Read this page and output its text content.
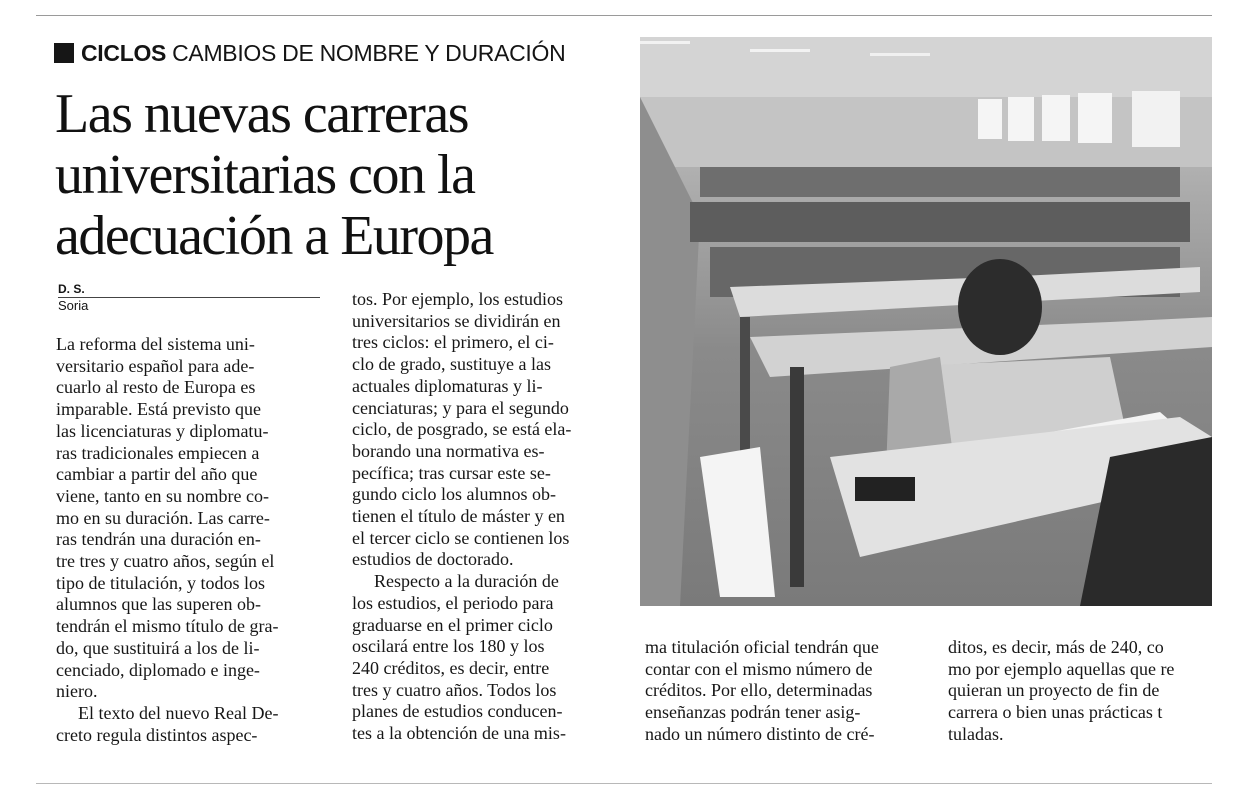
CICLOS CAMBIOS DE NOMBRE Y DURACIÓN
Las nuevas carreras
universitarias con la
adecuación a Europa
D. S.
Soria
La reforma del sistema uni-
versitario español para ade-
cuarlo al resto de Europa es
imparable. Está previsto que
las licenciaturas y diplomatu-
ras tradicionales empiecen a
cambiar a partir del año que
viene, tanto en su nombre co-
mo en su duración. Las carre-
ras tendrán una duración en-
tre tres y cuatro años, según el
tipo de titulación, y todos los
alumnos que las superen ob-
tendrán el mismo título de gra-
do, que sustituirá a los de li-
cenciado, diplomado e inge-
niero.
El texto del nuevo Real De-
creto regula distintos aspec-
tos. Por ejemplo, los estudios
universitarios se dividirán en
tres ciclos: el primero, el ci-
clo de grado, sustituye a las
actuales diplomaturas y li-
cenciaturas; y para el segundo
ciclo, de posgrado, se está ela-
borando una normativa es-
pecífica; tras cursar este se-
gundo ciclo los alumnos ob-
tienen el título de máster y en
el tercer ciclo se contienen los
estudios de doctorado.
Respecto a la duración de
los estudios, el periodo para
graduarse en el primer ciclo
oscilará entre los 180 y los
240 créditos, es decir, entre
tres y cuatro años. Todos los
planes de estudios conducen-
tes a la obtención de una mis-
ma titulación oficial tendrán que
contar con el mismo número de
créditos. Por ello, determinadas
enseñanzas podrán tener asig-
nado un número distinto de cré-
ditos, es decir, más de 240, co
mo por ejemplo aquellas que re
quieran un proyecto de fin de
carrera o bien unas prácticas t
tuladas.
